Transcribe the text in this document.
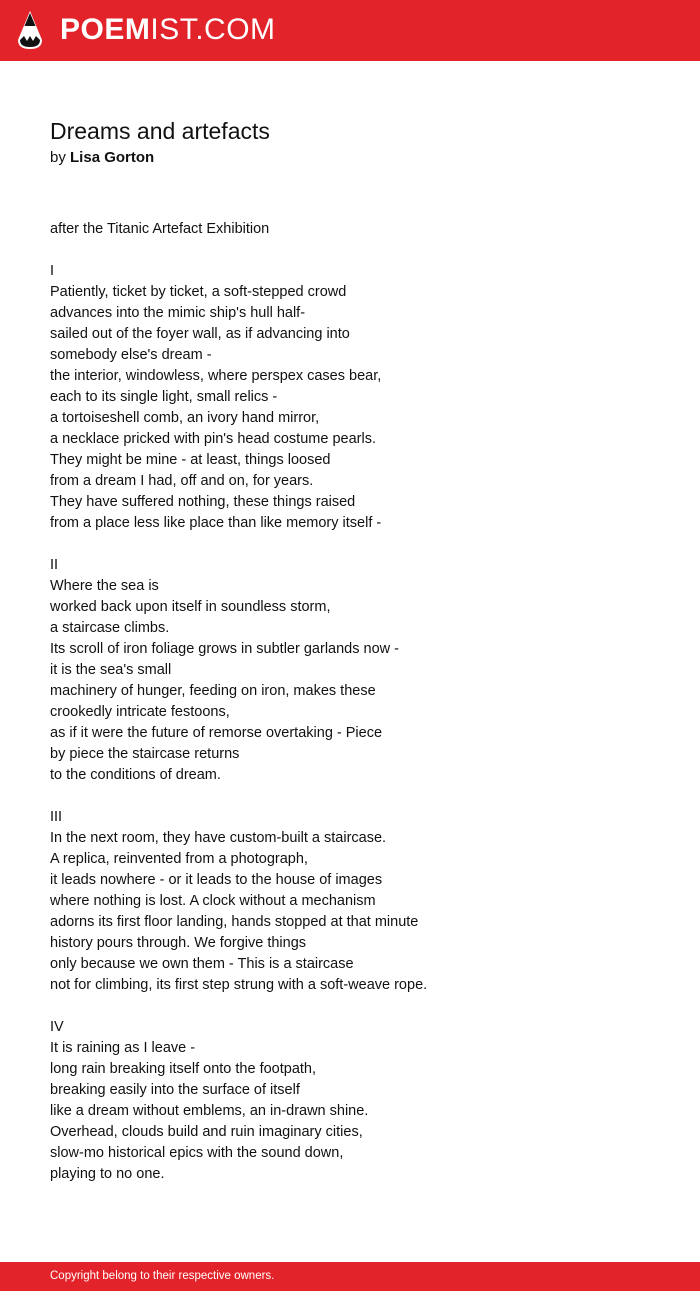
POEMIST.COM
Dreams and artefacts
by Lisa Gorton
after the Titanic Artefact Exhibition
I
Patiently, ticket by ticket, a soft-stepped crowd
advances into the mimic ship's hull half-
sailed out of the foyer wall, as if advancing into
somebody else's dream -
the interior, windowless, where perspex cases bear,
each to its single light, small relics -
a tortoiseshell comb, an ivory hand mirror,
a necklace pricked with pin's head costume pearls.
They might be mine - at least, things loosed
from a dream I had, off and on, for years.
They have suffered nothing, these things raised
from a place less like place than like memory itself -
II
Where the sea is
worked back upon itself in soundless storm,
a staircase climbs.
Its scroll of iron foliage grows in subtler garlands now -
it is the sea's small
machinery of hunger, feeding on iron, makes these
crookedly intricate festoons,
as if it were the future of remorse overtaking - Piece
by piece the staircase returns
to the conditions of dream.
III
In the next room, they have custom-built a staircase.
A replica, reinvented from a photograph,
it leads nowhere - or it leads to the house of images
where nothing is lost. A clock without a mechanism
adorns its first floor landing, hands stopped at that minute
history pours through. We forgive things
only because we own them - This is a staircase
not for climbing, its first step strung with a soft-weave rope.
IV
It is raining as I leave -
long rain breaking itself onto the footpath,
breaking easily into the surface of itself
like a dream without emblems, an in-drawn shine.
Overhead, clouds build and ruin imaginary cities,
slow-mo historical epics with the sound down,
playing to no one.
Copyright belong to their respective owners.
